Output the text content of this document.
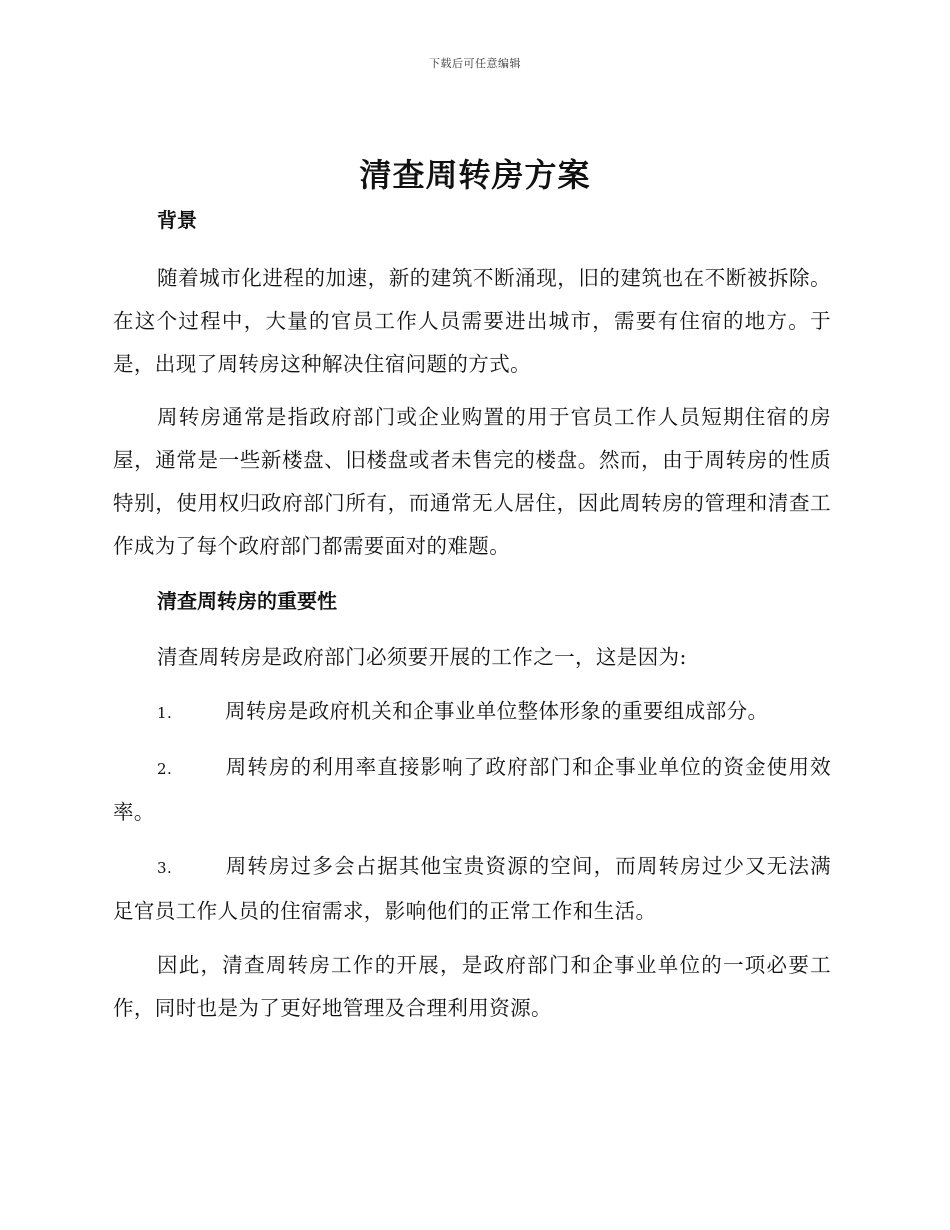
下载后可任意编辑
清查周转房方案

背景

随着城市化进程的加速，新的建筑不断涌现，旧的建筑也在不断被拆除。在这个过程中，大量的官员工作人员需要进出城市，需要有住宿的地方。于是，出现了周转房这种解决住宿问题的方式。

周转房通常是指政府部门或企业购置的用于官员工作人员短期住宿的房屋，通常是一些新楼盘、旧楼盘或者未售完的楼盘。然而，由于周转房的性质特别，使用权归政府部门所有，而通常无人居住，因此周转房的管理和清查工作成为了每个政府部门都需要面对的难题。

清查周转房的重要性

清查周转房是政府部门必须要开展的工作之一，这是因为:

1.	周转房是政府机关和企事业单位整体形象的重要组成部分。

2.	周转房的利用率直接影响了政府部门和企事业单位的资金使用效率。

3.	周转房过多会占据其他宝贵资源的空间，而周转房过少又无法满足官员工作人员的住宿需求，影响他们的正常工作和生活。

因此，清查周转房工作的开展，是政府部门和企事业单位的一项必要工作，同时也是为了更好地管理及合理利用资源。
